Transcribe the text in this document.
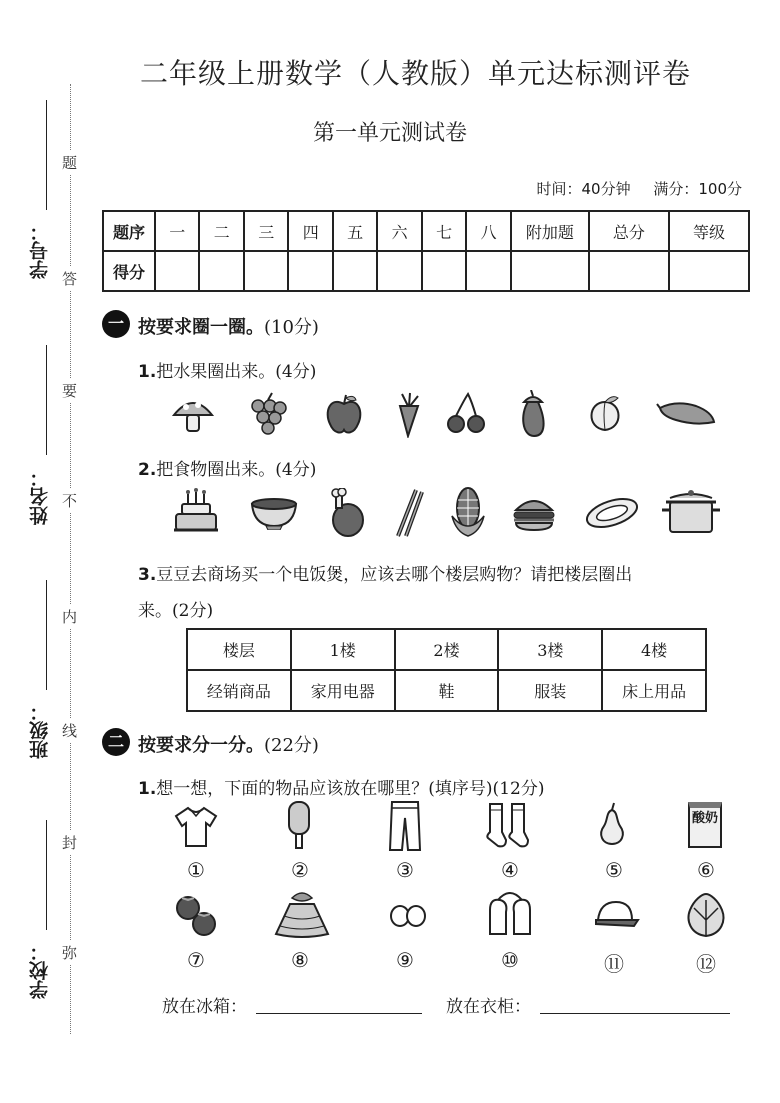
题
答
要
不
内
线
封
弥
学号：
姓名：
班级：
学校：
二年级上册数学（人教版）单元达标测评卷
第一单元测试卷
时间：40分钟 满分：100分
题序	一	二	三	四	五	六	七	八	附加题	总分	等级
得分											
一 按要求圈一圈。(10分)
1.把水果圈出来。(4分)
2.把食物圈出来。(4分)
3.豆豆去商场买一个电饭煲，应该去哪个楼层购物？请把楼层圈出
来。(2分)
楼层	1楼	2楼	3楼	4楼
经销商品	家用电器	鞋	服装	床上用品
二 按要求分一分。(22分)
1.想一想，下面的物品应该放在哪里？(填序号)(12分)
酸奶
①	②	③	④	⑤	⑥
⑦	⑧	⑨	⑩	⑪	⑫
放在冰箱：	放在衣柜：
